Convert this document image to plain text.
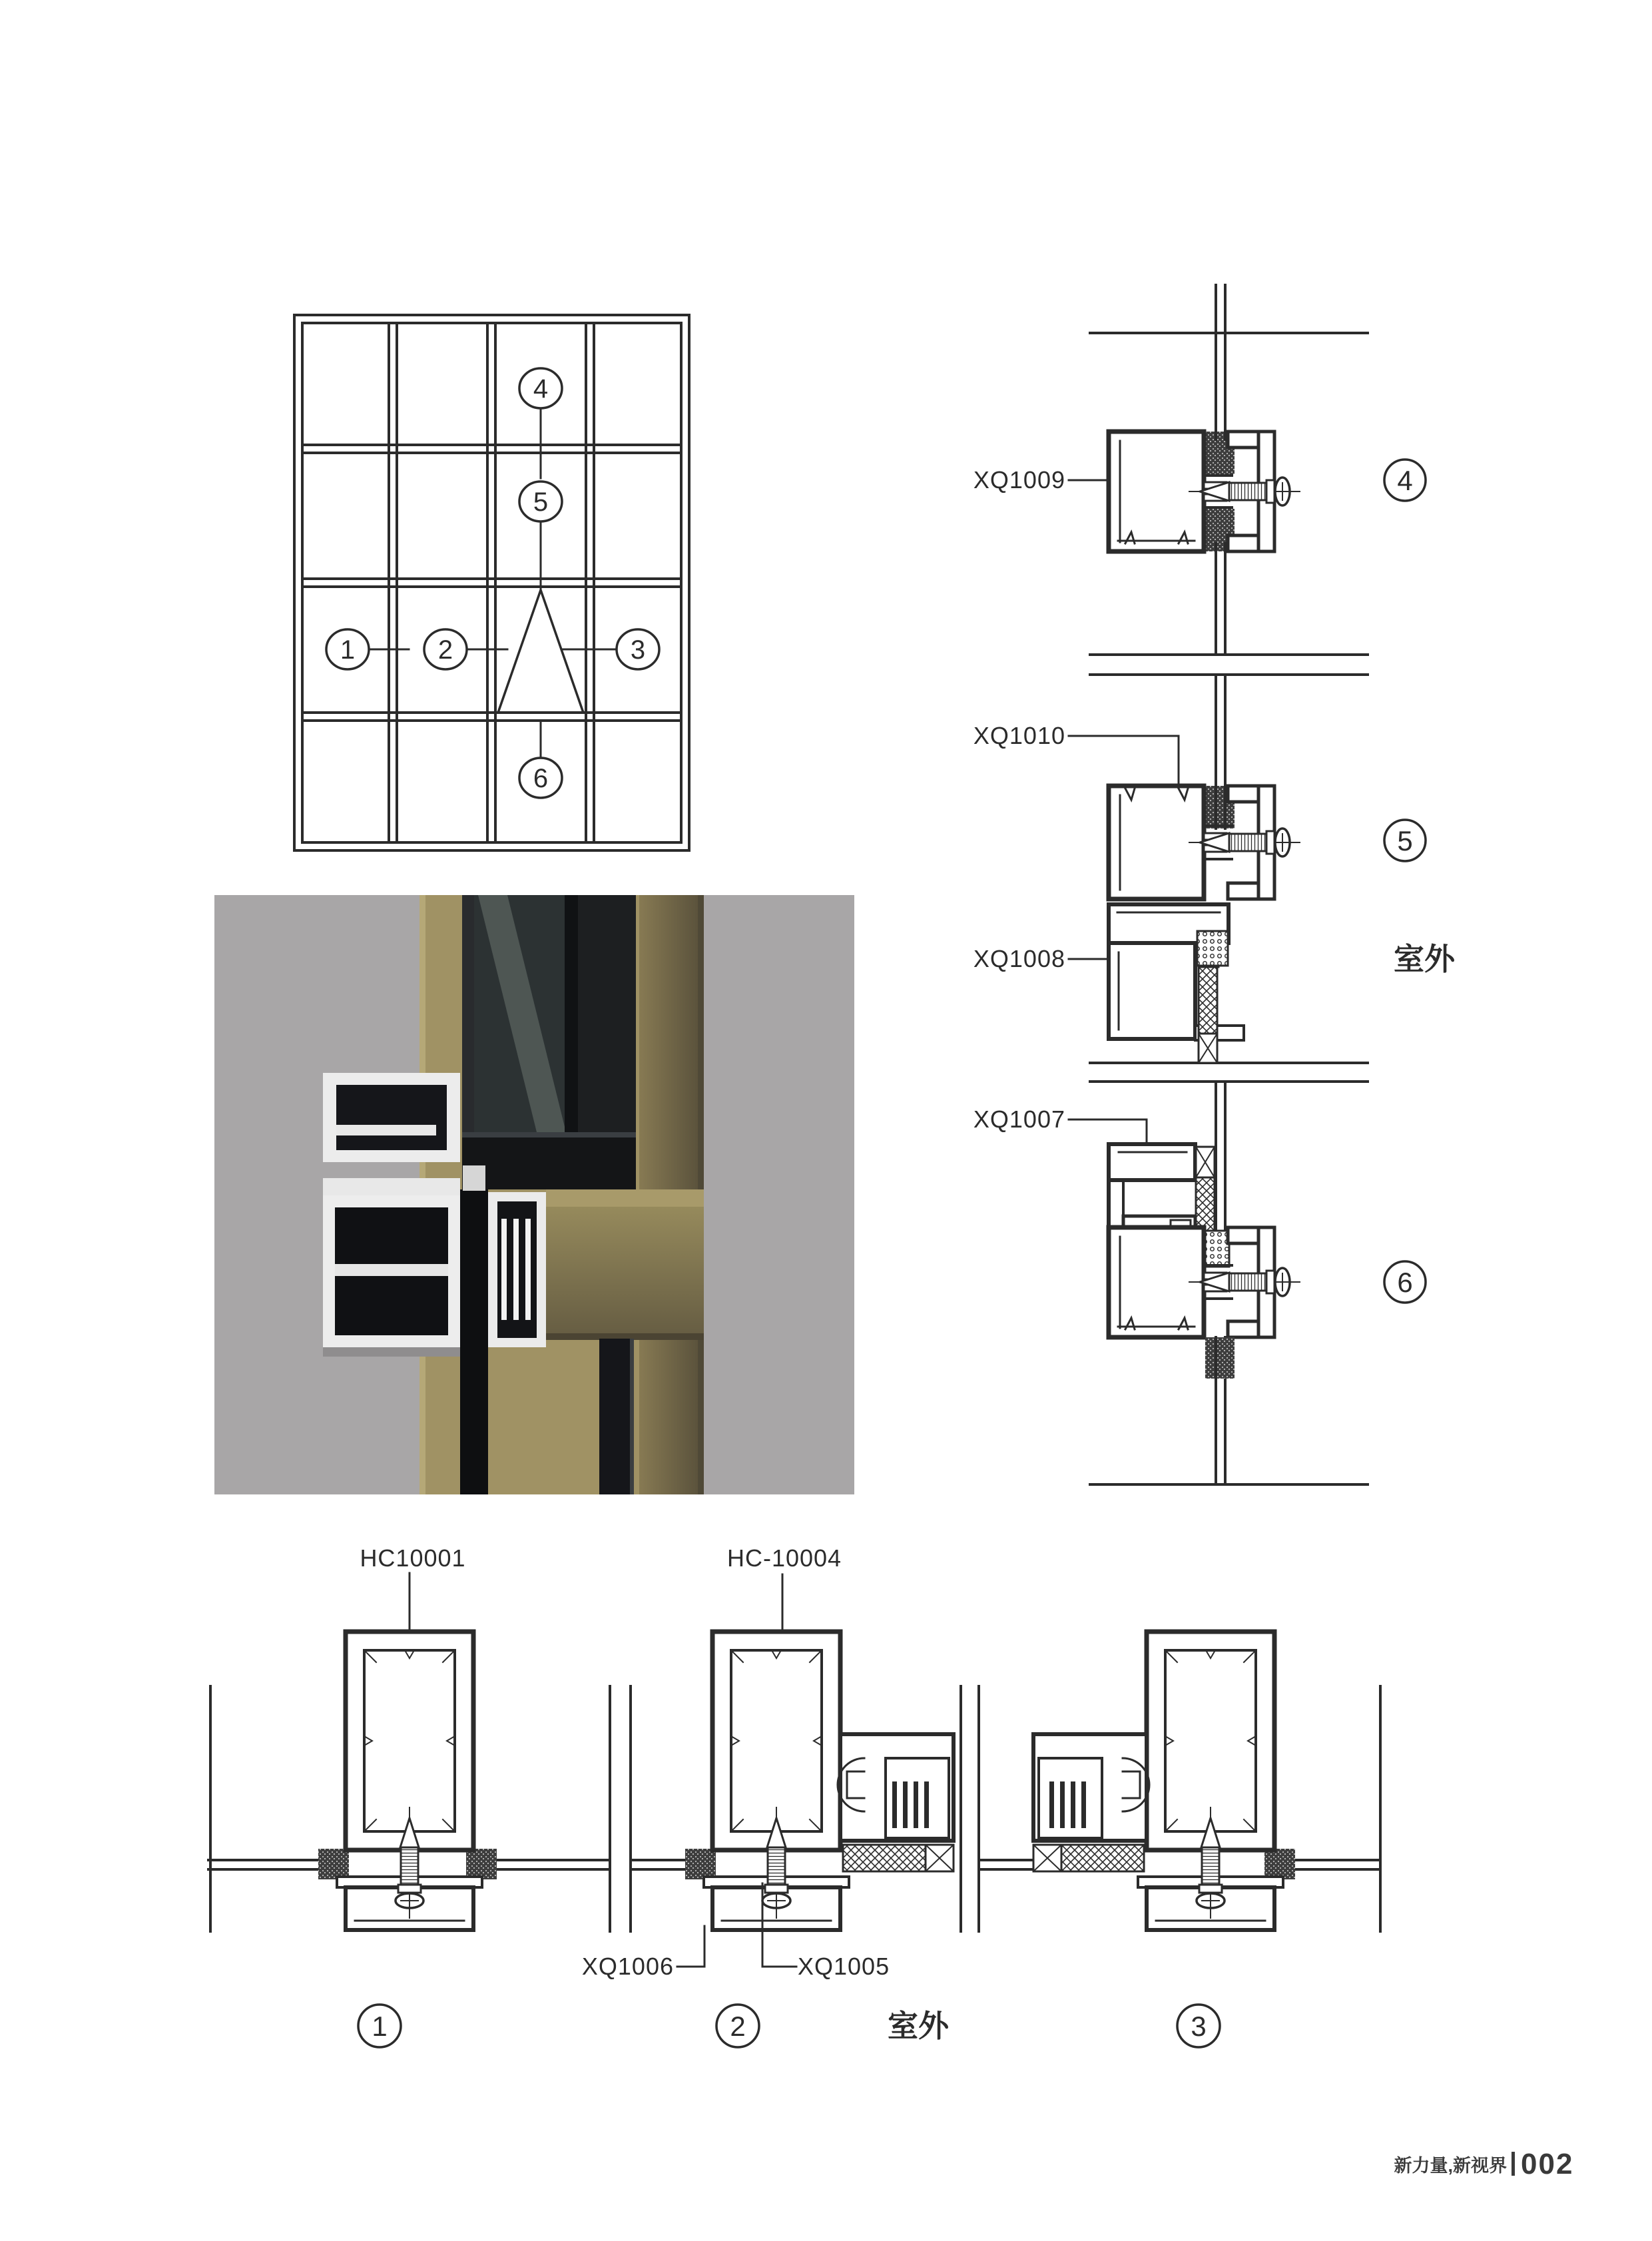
4
5
6
1	2	3
XQ1009	4
XQ1010
XQ1008
5
室外
XQ1007
6
HC10001
1
HC-10004
XQ1006	XQ1005
2	室外	3
新力量,新视界 002
